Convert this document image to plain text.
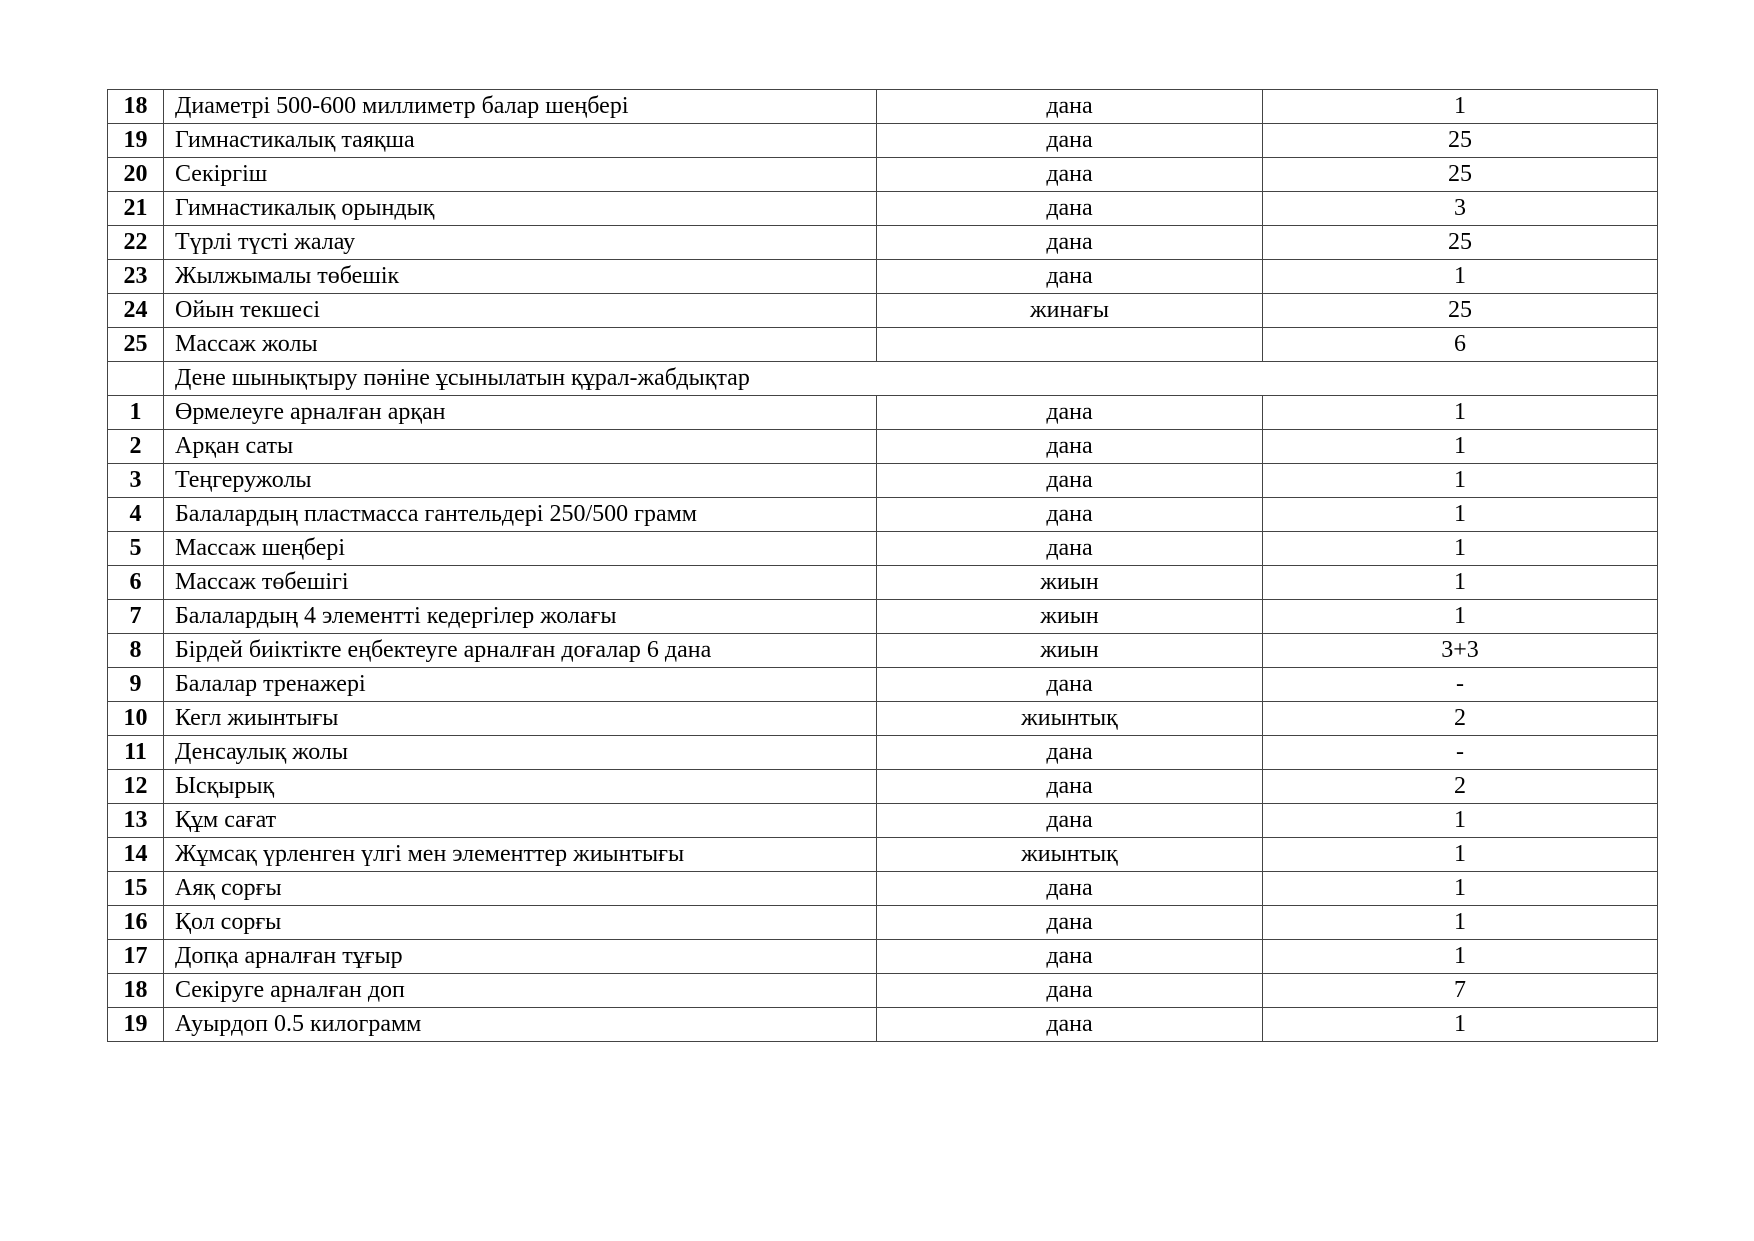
18	Диаметрі 500-600 миллиметр балар шеңбері	дана	1
19	Гимнастикалық таяқша	дана	25
20	Секіргіш	дана	25
21	Гимнастикалық орындық	дана	3
22	Түрлі түсті жалау	дана	25
23	Жылжымалы төбешік	дана	1
24	Ойын текшесі	жинағы	25
25	Массаж жолы		6
	Дене шынықтыру пәніне ұсынылатын құрал-жабдықтар		
1	Өрмелеуге арналған арқан	дана	1
2	Арқан саты	дана	1
3	Теңгеружолы	дана	1
4	Балалардың пластмасса гантельдері 250/500 грамм	дана	1
5	Массаж шеңбері	дана	1
6	Массаж төбешігі	жиын	1
7	Балалардың 4 элементті кедергілер жолағы	жиын	1
8	Бірдей биіктікте еңбектеуге арналған доғалар 6 дана	жиын	3+3
9	Балалар тренажері	дана	-
10	Кегл жиынтығы	жиынтық	2
11	Денсаулық жолы	дана	-
12	Ысқырық	дана	2
13	Құм сағат	дана	1
14	Жұмсақ үрленген үлгі мен элементтер жиынтығы	жиынтық	1
15	Аяқ сорғы	дана	1
16	Қол сорғы	дана	1
17	Допқа арналған тұғыр	дана	1
18	Секіруге арналған доп	дана	7
19	Ауырдоп 0.5 килограмм	дана	1
